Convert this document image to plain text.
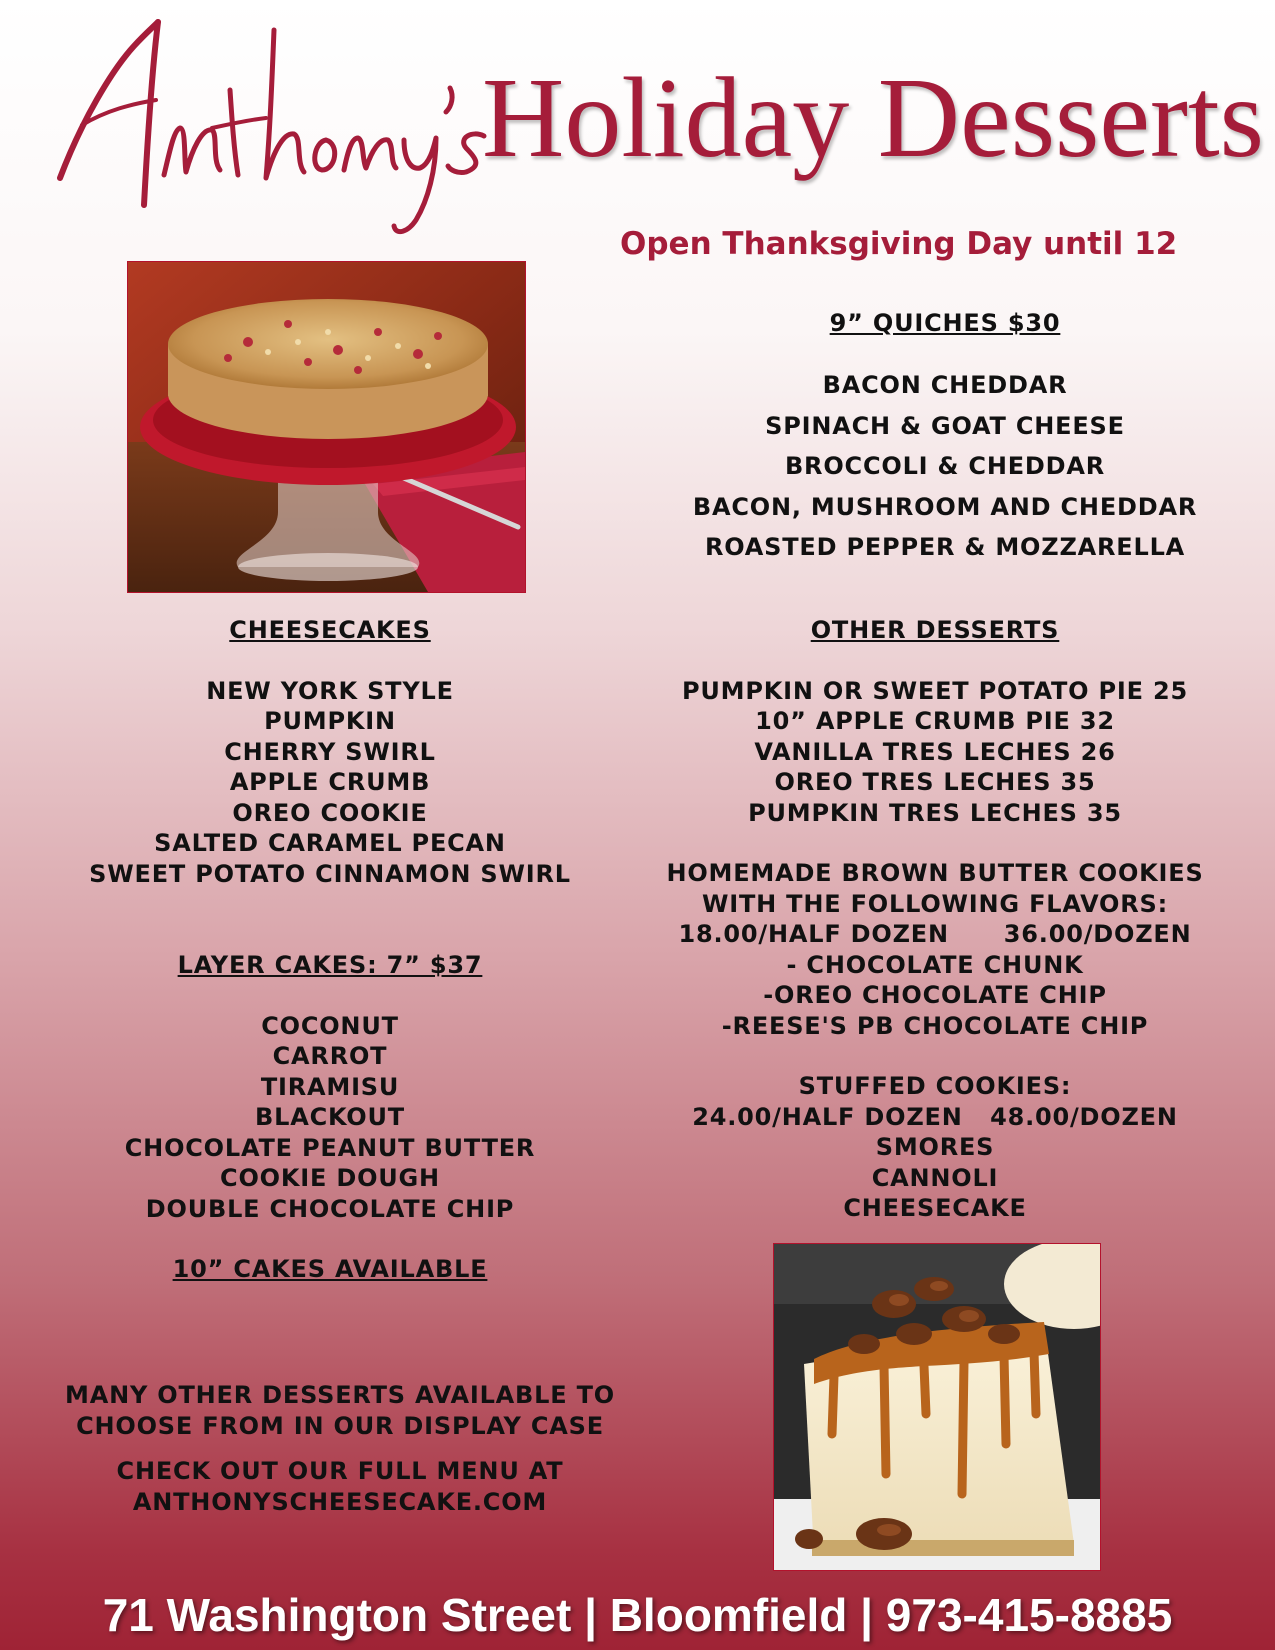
Holiday Desserts
Open Thanksgiving Day until 12
9” QUICHES $30
BACON CHEDDAR
SPINACH & GOAT CHEESE
BROCCOLI & CHEDDAR
BACON, MUSHROOM AND CHEDDAR
ROASTED PEPPER & MOZZARELLA
CHEESECAKES
NEW YORK STYLE
PUMPKIN
CHERRY SWIRL
APPLE CRUMB
OREO COOKIE
SALTED CARAMEL PECAN
SWEET POTATO CINNAMON SWIRL
LAYER CAKES: 7” $37
COCONUT
CARROT
TIRAMISU
BLACKOUT
CHOCOLATE PEANUT BUTTER
COOKIE DOUGH
DOUBLE CHOCOLATE CHIP
10” CAKES AVAILABLE
OTHER DESSERTS
PUMPKIN OR SWEET POTATO PIE 25
10” APPLE CRUMB PIE 32
VANILLA TRES LECHES 26
OREO TRES LECHES 35
PUMPKIN TRES LECHES 35
HOMEMADE BROWN BUTTER COOKIES
WITH THE FOLLOWING FLAVORS:
18.00/HALF DOZEN      36.00/DOZEN
- CHOCOLATE CHUNK
-OREO CHOCOLATE CHIP
-REESE'S PB CHOCOLATE CHIP
STUFFED COOKIES:
24.00/HALF DOZEN   48.00/DOZEN
SMORES
CANNOLI
CHEESECAKE
MANY OTHER DESSERTS AVAILABLE TO
CHOOSE FROM IN OUR DISPLAY CASE
CHECK OUT OUR FULL MENU AT
ANTHONYSCHEESECAKE.COM
71 Washington Street | Bloomfield | 973-415-8885
